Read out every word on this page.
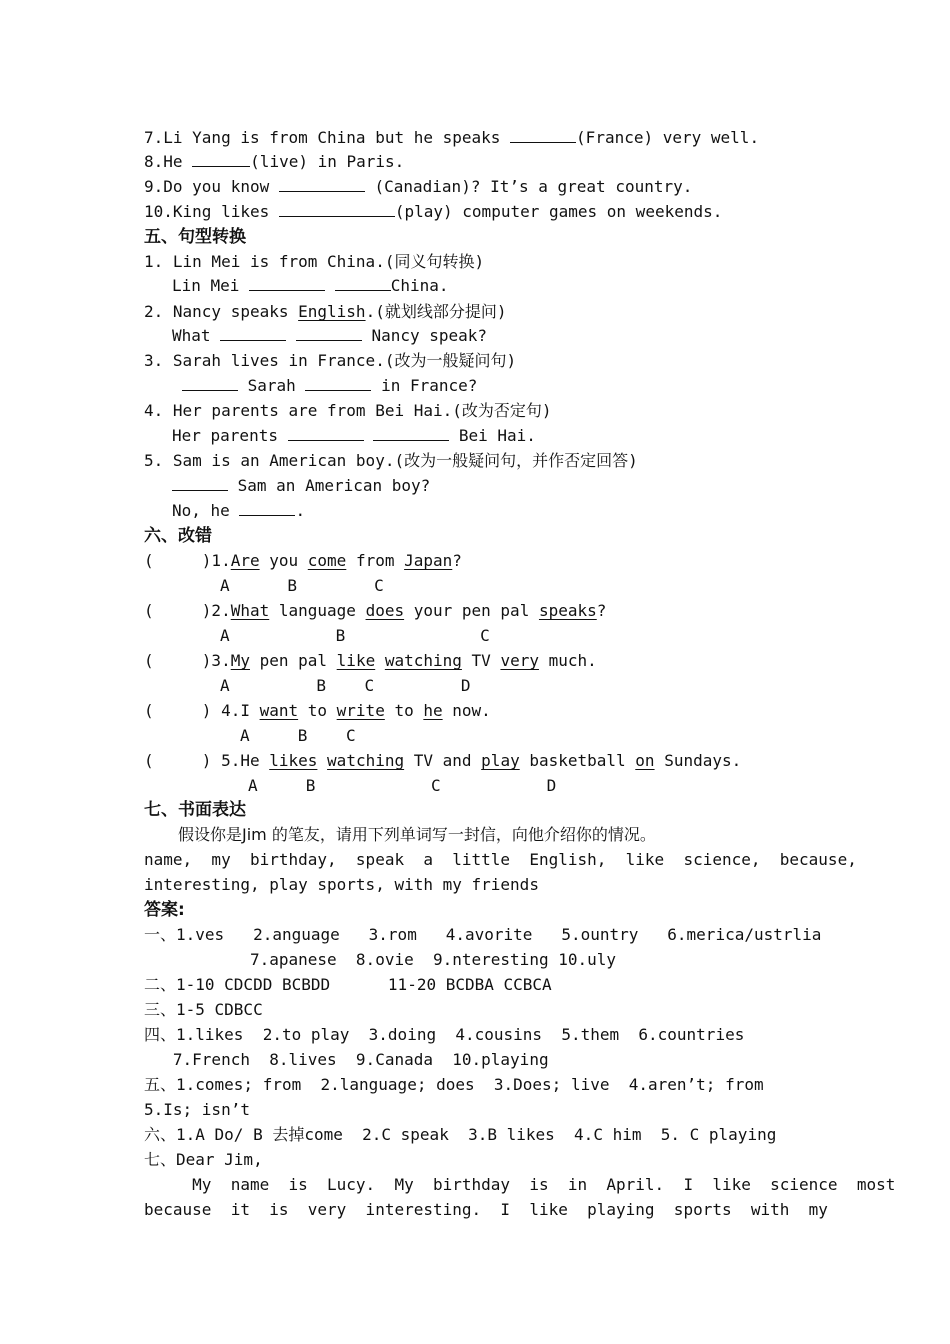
7.Li Yang is from China but he speaks	(France) very well.
8.He	(live) in Paris.
9.Do you know	(Canadian)? It’s a great country.
10.King likes	(play) computer games on weekends.
五、句型转换
1. Lin Mei is from China.(同义句转换)
Lin Mei	China.
2. Nancy speaks English.(就划线部分提问)
What	Nancy speak?
3. Sarah lives in France.(改为一般疑问句)
Sarah	in France?
4. Her parents are from Bei Hai.(改为否定句)
Her parents	Bei Hai.
5. Sam is an American boy.(改为一般疑问句，并作否定回答)
Sam an American boy?
No, he	.
六、改错
(     )1.Are you come from Japan?
A      B        C
(     )2.What language does your pen pal speaks?
A           B              C
(     )3.My pen pal like watching TV very much.
A         B    C         D
(     ) 4.I want to write to he now.
A     B    C
(     ) 5.He likes watching TV and play basketball on Sundays.
A     B            C           D
七、书面表达
假设你是Jim 的笔友，请用下列单词写一封信，向他介绍你的情况。
name,  my  birthday,  speak  a  little  English,  like  science,  because,
interesting, play sports, with my friends
答案:
一、1.ves   2.anguage   3.rom   4.avorite   5.ountry   6.merica/ustrlia
7.apanese  8.ovie  9.nteresting 10.uly
二、1-10 CDCDD BCBDD      11-20 BCDBA CCBCA
三、1-5 CDBCC
四、1.likes  2.to play  3.doing  4.cousins  5.them  6.countries
7.French  8.lives  9.Canada  10.playing
五、1.comes; from  2.language; does  3.Does; live  4.aren’t; from
5.Is; isn’t
六、1.A Do/ B 去掉come  2.C speak  3.B likes  4.C him  5. C playing
七、Dear Jim,
My  name  is  Lucy.  My  birthday  is  in  April.  I  like  science  most
because  it  is  very  interesting.  I  like  playing  sports  with  my
